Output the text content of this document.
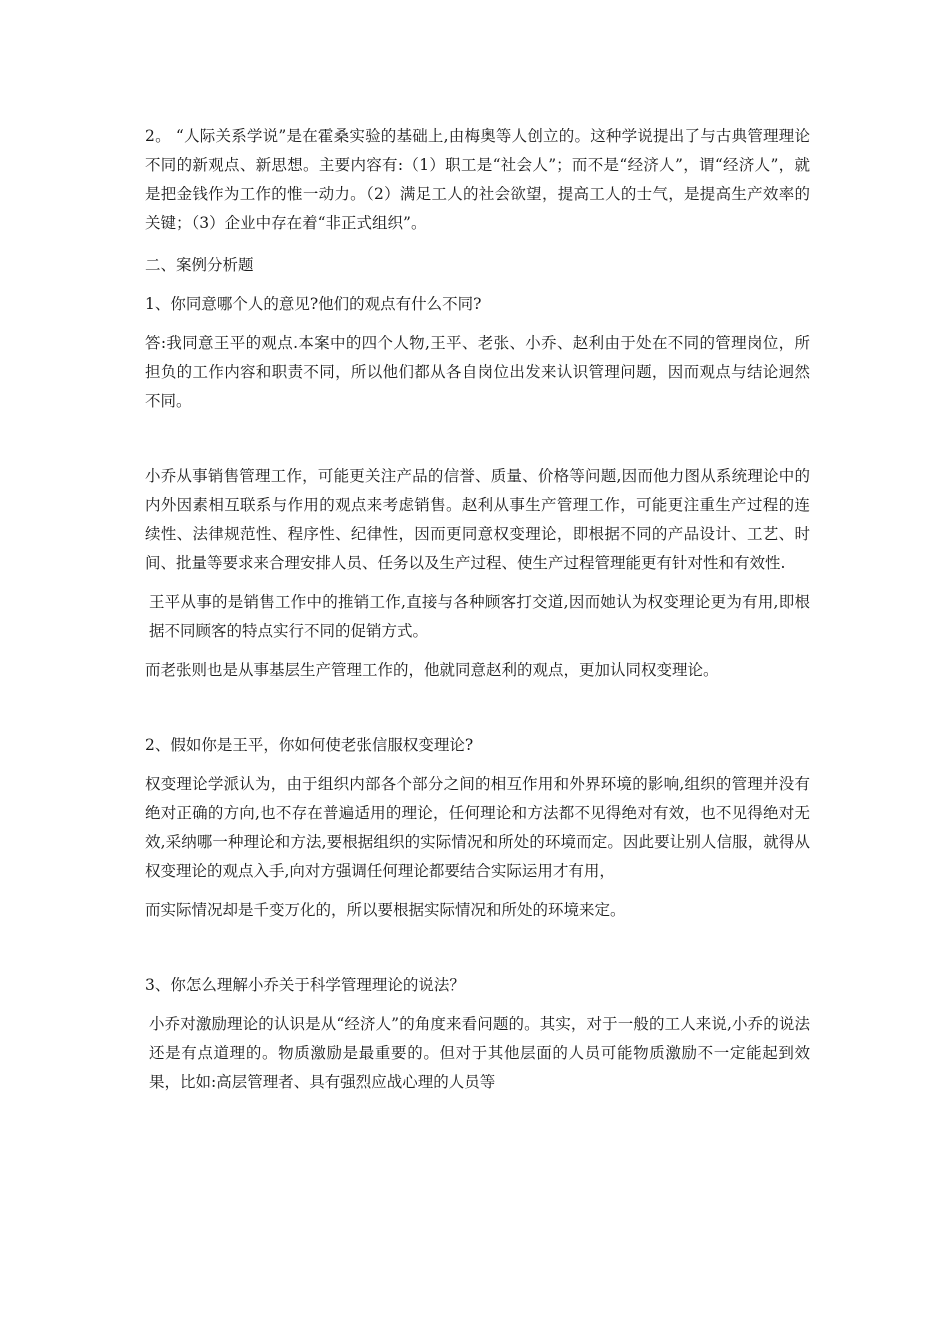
2。 “人际关系学说”是在霍桑实验的基础上,由梅奥等人创立的。这种学说提出了与古典管理理论不同的新观点、新思想。主要内容有:（1）职工是“社会人”；而不是“经济人”，谓“经济人”，就是把金钱作为工作的惟一动力。（2）满足工人的社会欲望，提高工人的士气，是提高生产效率的关键；（3）企业中存在着“非正式组织”。

二、案例分析题

1、你同意哪个人的意见?他们的观点有什么不同?

答:我同意王平的观点.本案中的四个人物,王平、老张、小乔、赵利由于处在不同的管理岗位，所担负的工作内容和职责不同，所以他们都从各自岗位出发来认识管理问题，因而观点与结论迥然不同。

小乔从事销售管理工作，可能更关注产品的信誉、质量、价格等问题,因而他力图从系统理论中的内外因素相互联系与作用的观点来考虑销售。赵利从事生产管理工作，可能更注重生产过程的连续性、法律规范性、程序性、纪律性，因而更同意权变理论，即根据不同的产品设计、工艺、时间、批量等要求来合理安排人员、任务以及生产过程、使生产过程管理能更有针对性和有效性.

王平从事的是销售工作中的推销工作,直接与各种顾客打交道,因而她认为权变理论更为有用,即根据不同顾客的特点实行不同的促销方式。

而老张则也是从事基层生产管理工作的，他就同意赵利的观点，更加认同权变理论。

2、假如你是王平，你如何使老张信服权变理论?

权变理论学派认为，由于组织内部各个部分之间的相互作用和外界环境的影响,组织的管理并没有绝对正确的方向,也不存在普遍适用的理论，任何理论和方法都不见得绝对有效，也不见得绝对无效,采纳哪一种理论和方法,要根据组织的实际情况和所处的环境而定。因此要让别人信服，就得从权变理论的观点入手,向对方强调任何理论都要结合实际运用才有用，

而实际情况却是千变万化的，所以要根据实际情况和所处的环境来定。

3、你怎么理解小乔关于科学管理理论的说法？

小乔对激励理论的认识是从“经济人”的角度来看问题的。其实，对于一般的工人来说,小乔的说法还是有点道理的。物质激励是最重要的。但对于其他层面的人员可能物质激励不一定能起到效果，比如:高层管理者、具有强烈应战心理的人员等
